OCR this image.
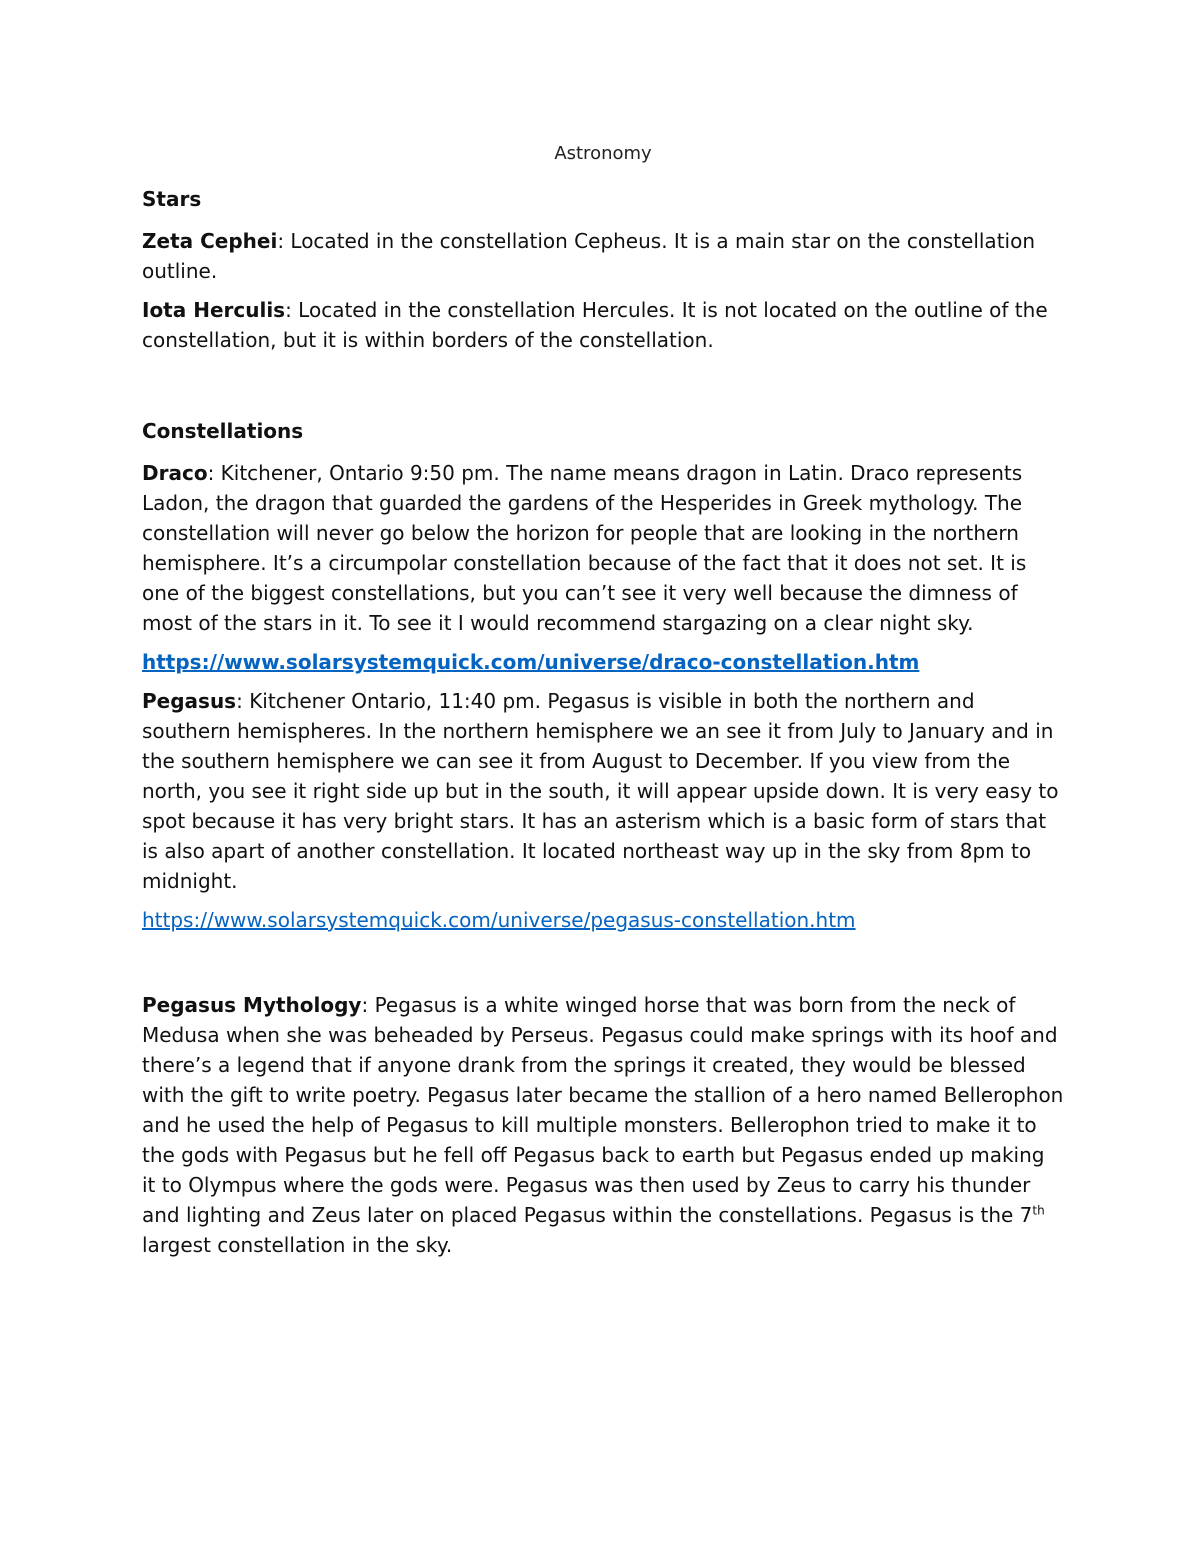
Astronomy
Stars

Zeta Cephei: Located in the constellation Cepheus. It is a main star on the constellation outline.

Iota Herculis: Located in the constellation Hercules. It is not located on the outline of the constellation, but it is within borders of the constellation.

Constellations

Draco: Kitchener, Ontario 9:50 pm. The name means dragon in Latin. Draco represents Ladon, the dragon that guarded the gardens of the Hesperides in Greek mythology. The constellation will never go below the horizon for people that are looking in the northern hemisphere. It’s a circumpolar constellation because of the fact that it does not set. It is one of the biggest constellations, but you can’t see it very well because the dimness of most of the stars in it. To see it I would recommend stargazing on a clear night sky.

https://www.solarsystemquick.com/universe/draco-constellation.htm

Pegasus: Kitchener Ontario, 11:40 pm. Pegasus is visible in both the northern and southern hemispheres. In the northern hemisphere we an see it from July to January and in the southern hemisphere we can see it from August to December. If you view from the north, you see it right side up but in the south, it will appear upside down. It is very easy to spot because it has very bright stars. It has an asterism which is a basic form of stars that is also apart of another constellation. It located northeast way up in the sky from 8pm to midnight.

https://www.solarsystemquick.com/universe/pegasus-constellation.htm

Pegasus Mythology: Pegasus is a white winged horse that was born from the neck of Medusa when she was beheaded by Perseus. Pegasus could make springs with its hoof and there’s a legend that if anyone drank from the springs it created, they would be blessed with the gift to write poetry. Pegasus later became the stallion of a hero named Bellerophon and he used the help of Pegasus to kill multiple monsters. Bellerophon tried to make it to the gods with Pegasus but he fell off Pegasus back to earth but Pegasus ended up making it to Olympus where the gods were. Pegasus was then used by Zeus to carry his thunder and lighting and Zeus later on placed Pegasus within the constellations. Pegasus is the 7th largest constellation in the sky.
